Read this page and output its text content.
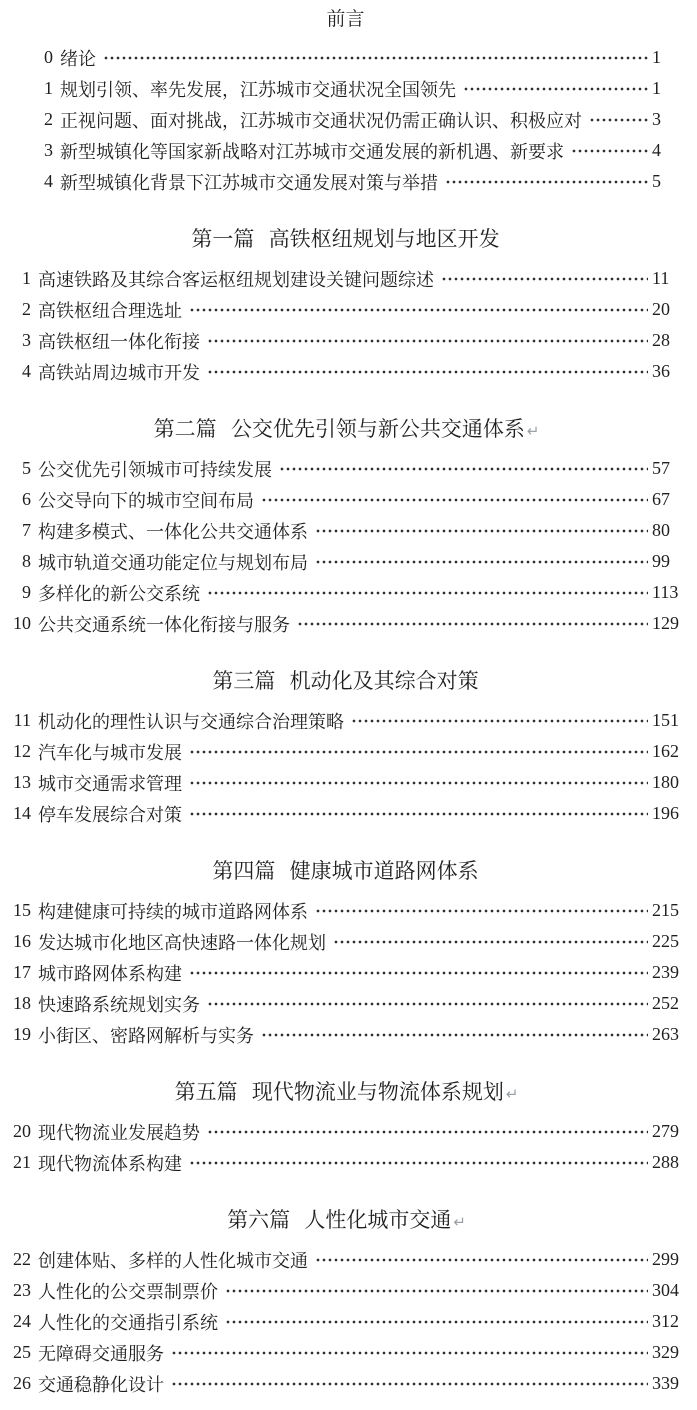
前言
0 绪论	1
1 规划引领、率先发展，江苏城市交通状况全国领先	1
2 正视问题、面对挑战，江苏城市交通状况仍需正确认识、积极应对	3
3 新型城镇化等国家新战略对江苏城市交通发展的新机遇、新要求	4
4 新型城镇化背景下江苏城市交通发展对策与举措	5
第一篇 高铁枢纽规划与地区开发
1 高速铁路及其综合客运枢纽规划建设关键问题综述	11
2 高铁枢纽合理选址	20
3 高铁枢纽一体化衔接	28
4 高铁站周边城市开发	36
第二篇 公交优先引领与新公共交通体系 ↵
5 公交优先引领城市可持续发展	57
6 公交导向下的城市空间布局	67
7 构建多模式、一体化公共交通体系	80
8 城市轨道交通功能定位与规划布局	99
9 多样化的新公交系统	113
10 公共交通系统一体化衔接与服务	129
第三篇 机动化及其综合对策
11 机动化的理性认识与交通综合治理策略	151
12 汽车化与城市发展	162
13 城市交通需求管理	180
14 停车发展综合对策	196
第四篇 健康城市道路网体系
15 构建健康可持续的城市道路网体系	215
16 发达城市化地区高快速路一体化规划	225
17 城市路网体系构建	239
18 快速路系统规划实务	252
19 小街区、密路网解析与实务	263
第五篇 现代物流业与物流体系规划 ↵
20 现代物流业发展趋势	279
21 现代物流体系构建	288
第六篇 人性化城市交通 ↵
22 创建体贴、多样的人性化城市交通	299
23 人性化的公交票制票价	304
24 人性化的交通指引系统	312
25 无障碍交通服务	329
26 交通稳静化设计	339
